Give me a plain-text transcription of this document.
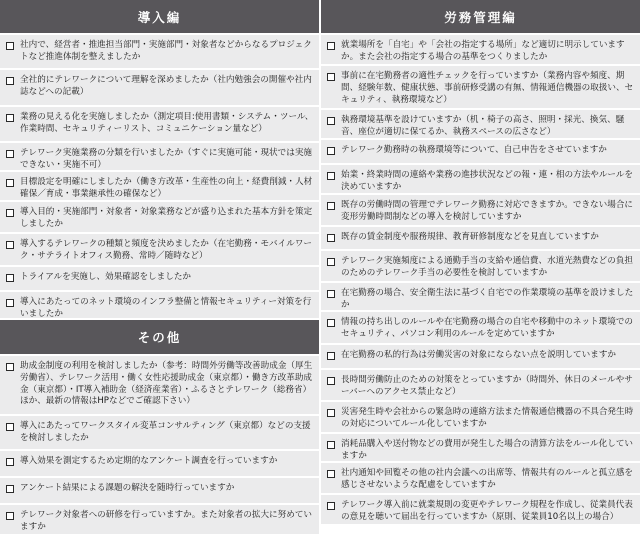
導入編
社内で、経営者・推進担当部門・実施部門・対象者などからなるプロジェクトなど推進体制を整えましたか
全社的にテレワークについて理解を深めましたか（社内勉強会の開催や社内誌などへの記載）
業務の見える化を実施しましたか（測定項目:使用書類・システム・ツール、作業時間、セキュリティーリスト、コミュニケーション量など）
テレワーク実施業務の分類を行いましたか（すぐに実施可能・現状では実施できない・実施不可）
目標設定を明確にしましたか（働き方改革・生産性の向上・経費削減・人材確保／育成・事業継承性の確保など）
導入目的・実施部門・対象者・対象業務などが盛り込まれた基本方針を策定しましたか
導入するテレワークの種類と頻度を決めましたか（在宅勤務・モバイルワーク・サテライトオフィス勤務、常時／随時など）
トライアルを実施し、効果確認をしましたか
導入にあたってのネット環境のインフラ整備と情報セキュリティー対策を行いましたか
その他
助成金制度の利用を検討しましたか（参考：時間外労働等改善助成金（厚生労働省）、テレワーク活用・働く女性応援助成金（東京都）・働き方改革助成金（東京都）・IT導入補助金（経済産業省）・ふるさとテレワーク（総務省）ほか、最新の情報はHPなどでご確認下さい）
導入にあたってワークスタイル変革コンサルティング（東京都）などの支援を検討しましたか
導入効果を測定するため定期的なアンケート調査を行っていますか
アンケート結果による課題の解決を随時行っていますか
テレワーク対象者への研修を行っていますか。また対象者の拡大に努めていますか
労務管理編
就業場所を「自宅」や「会社の指定する場所」など適切に明示していますか。また会社の指定する場合の基準をつくりましたか
事前に在宅勤務者の適性チェックを行っていますか（業務内容や頻度、期間、経験年数、健康状態、事前研修受講の有無、情報通信機器の取扱い、セキュリティ、執務環境など）
執務環境基準を設けていますか（机・椅子の高さ、照明・採光、換気、騒音、座位が適切に保てるか、執務スペースの広さなど）
テレワーク勤務時の執務環境等について、自己申告をさせていますか
始業・終業時間の連絡や業務の進捗状況などの報・連・相の方法やルールを決めていますか
既存の労働時間の管理でテレワーク勤務に対応できますか。できない場合に変形労働時間制などの導入を検討していますか
既存の賃金制度や服務規律、教育研修制度などを見直していますか
テレワーク実施頻度による通勤手当の支給や通信費、水道光熱費などの負担のためのテレワーク手当の必要性を検討していますか
在宅勤務の場合、安全衛生法に基づく自宅での作業環境の基準を設けましたか
情報の持ち出しのルールや在宅勤務の場合の自宅や移動中のネット環境でのセキュリティ、パソコン利用のルールを定めていますか
在宅勤務の私的行為は労働災害の対象にならない点を説明していますか
長時間労働防止のための対策をとっていますか（時間外、休日のメールやサーバーへのアクセス禁止など）
災害発生時や会社からの緊急時の連絡方法また情報通信機器の不具合発生時の対応についてルール化していますか
消耗品購入や送付物などの費用が発生した場合の清算方法をルール化していますか
社内通知や回覧その他の社内会議への出席等、情報共有のルールと孤立感を感じさせないような配慮をしていますか
テレワーク導入前に就業規則の変更やテレワーク規程を作成し、従業員代表の意見を聴いて届出を行っていますか（原則、従業員10名以上の場合）
